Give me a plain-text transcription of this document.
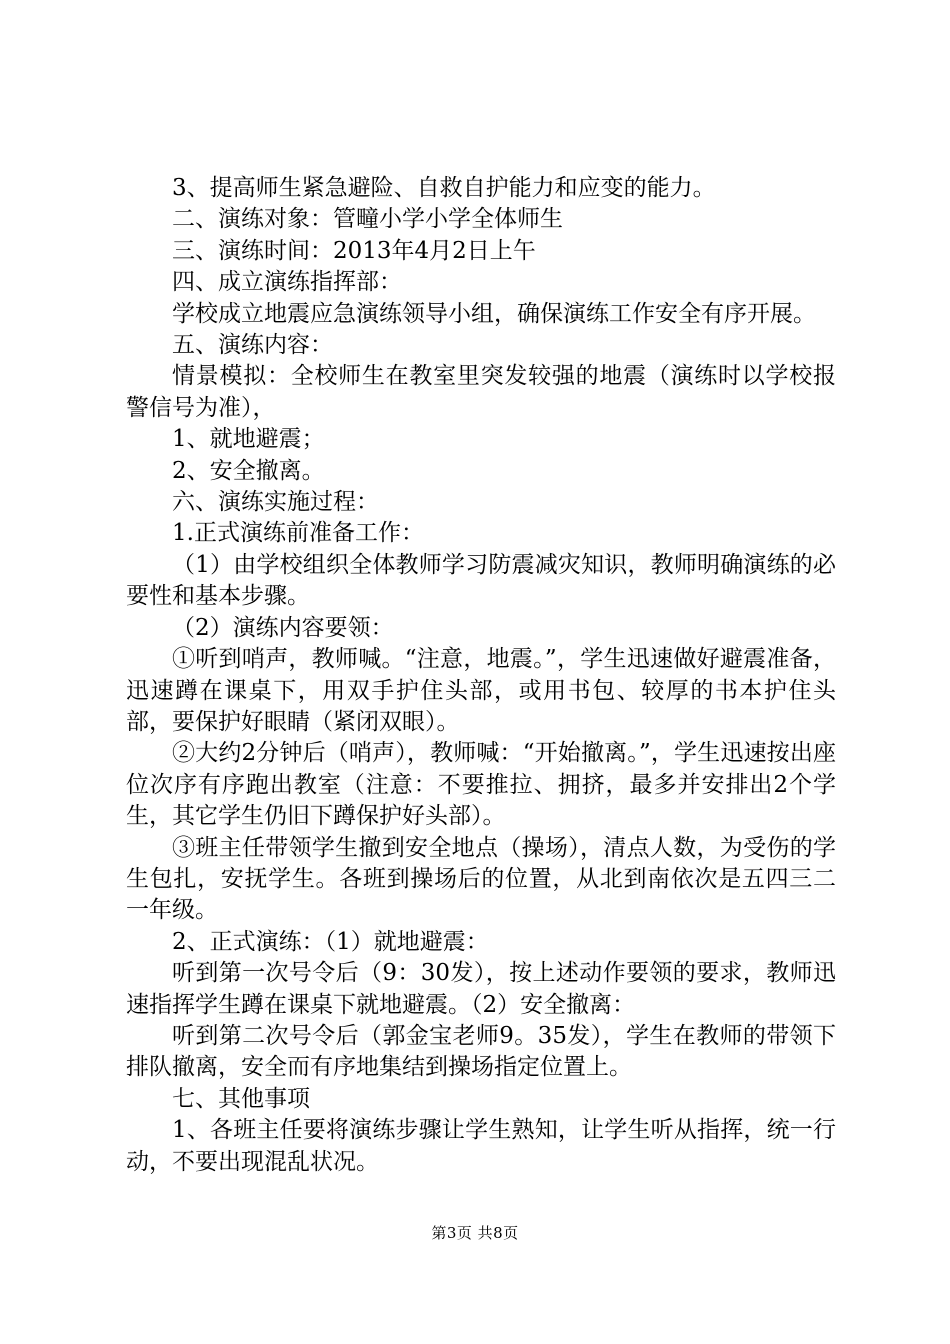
3、提高师生紧急避险、自救自护能力和应变的能力。

二、演练对象：管疃小学小学全体师生

三、演练时间：2013年4月2日上午

四、成立演练指挥部：

学校成立地震应急演练领导小组，确保演练工作安全有序开展。

五、演练内容：

情景模拟：全校师生在教室里突发较强的地震（演练时以学校报警信号为准），

1、就地避震；

2、安全撤离。

六、演练实施过程：

1.正式演练前准备工作：

（1）由学校组织全体教师学习防震减灾知识，教师明确演练的必要性和基本步骤。

（2）演练内容要领：

①听到哨声，教师喊。“注意，地震。”，学生迅速做好避震准备，迅速蹲在课桌下，用双手护住头部，或用书包、较厚的书本护住头部，要保护好眼睛（紧闭双眼）。

②大约2分钟后（哨声），教师喊：“开始撤离。”，学生迅速按出座位次序有序跑出教室（注意：不要推拉、拥挤，最多并安排出2个学生，其它学生仍旧下蹲保护好头部）。

③班主任带领学生撤到安全地点（操场），清点人数，为受伤的学生包扎，安抚学生。各班到操场后的位置，从北到南依次是五四三二一年级。

2、正式演练：（1）就地避震：

听到第一次号令后（9：30发），按上述动作要领的要求，教师迅速指挥学生蹲在课桌下就地避震。（2）安全撤离：

听到第二次号令后（郭金宝老师9。35发），学生在教师的带领下排队撤离，安全而有序地集结到操场指定位置上。

七、其他事项

1、各班主任要将演练步骤让学生熟知，让学生听从指挥，统一行动，不要出现混乱状况。

第3页 共8页
